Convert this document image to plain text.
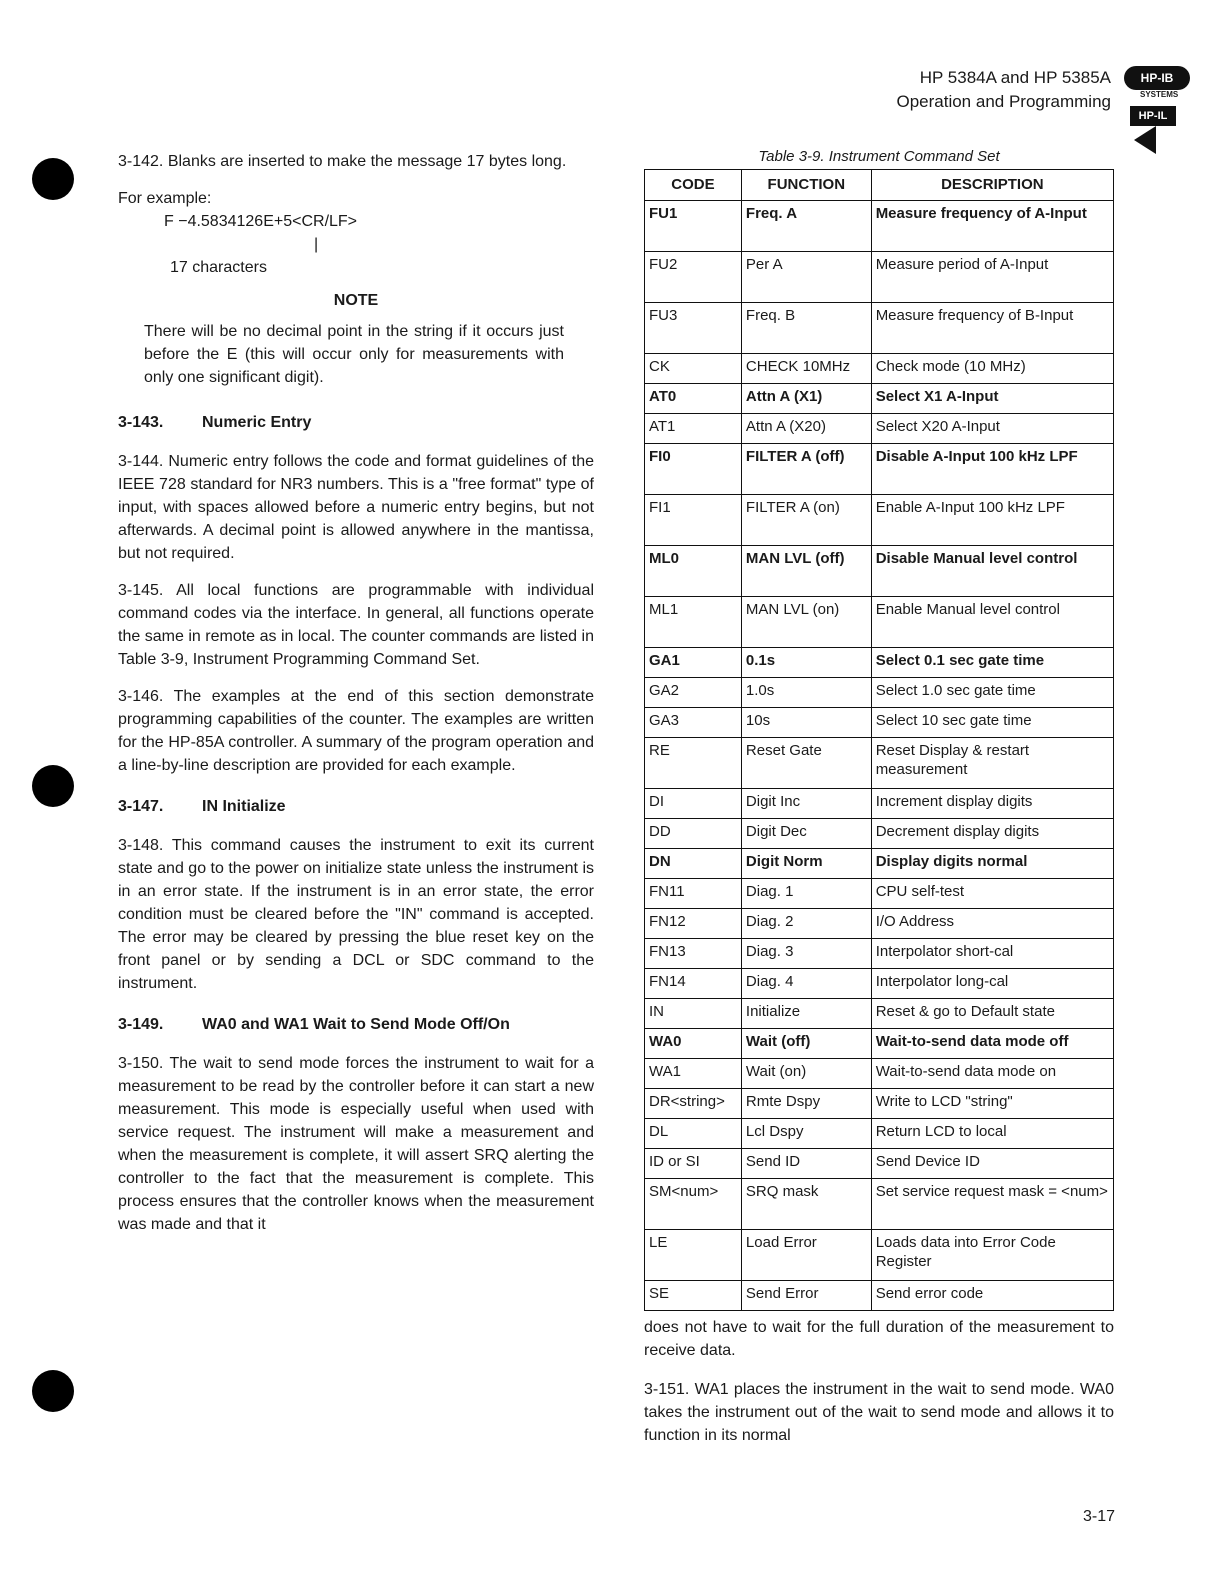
HP 5384A and HP 5385A
Operation and Programming
HP-IB
SYSTEMS
HP-IL

3-142. Blanks are inserted to make the message 17 bytes long.

For example:
F −4.5834126E+5<CR/LF>
|
17 characters
NOTE

There will be no decimal point in the string if it occurs just before the E (this will occur only for measurements with only one significant digit).

3-143. Numeric Entry

3-144. Numeric entry follows the code and format guidelines of the IEEE 728 standard for NR3 numbers. This is a "free format" type of input, with spaces allowed before a numeric entry begins, but not afterwards. A decimal point is allowed anywhere in the mantissa, but not required.

3-145. All local functions are programmable with individual command codes via the interface. In general, all functions operate the same in remote as in local. The counter commands are listed in Table 3-9, Instrument Programming Command Set.

3-146. The examples at the end of this section demonstrate programming capabilities of the counter. The examples are written for the HP-85A controller. A summary of the program operation and a line-by-line description are provided for each example.

3-147. IN Initialize

3-148. This command causes the instrument to exit its current state and go to the power on initialize state unless the instrument is in an error state. If the instrument is in an error state, the error condition must be cleared before the "IN" command is accepted. The error may be cleared by pressing the blue reset key on the front panel or by sending a DCL or SDC command to the instrument.

3-149. WA0 and WA1 Wait to Send Mode Off/On

3-150. The wait to send mode forces the instrument to wait for a measurement to be read by the controller before it can start a new measurement. This mode is especially useful when used with service request. The instrument will make a measurement and when the measurement is complete, it will assert SRQ alerting the controller to the fact that the measurement is complete. This process ensures that the controller knows when the measurement was made and that it

Table 3-9. Instrument Command Set
CODE	FUNCTION	DESCRIPTION
FU1	Freq. A	Measure frequency of A-Input
FU2	Per A	Measure period of A-Input
FU3	Freq. B	Measure frequency of B-Input
CK	CHECK 10MHz	Check mode (10 MHz)
AT0	Attn A (X1)	Select X1 A-Input
AT1	Attn A (X20)	Select X20 A-Input
FI0	FILTER A (off)	Disable A-Input 100 kHz LPF
FI1	FILTER A (on)	Enable A-Input 100 kHz LPF
ML0	MAN LVL (off)	Disable Manual level control
ML1	MAN LVL (on)	Enable Manual level control
GA1	0.1s	Select 0.1 sec gate time
GA2	1.0s	Select 1.0 sec gate time
GA3	10s	Select 10 sec gate time
RE	Reset Gate	Reset Display & restart measurement
DI	Digit Inc	Increment display digits
DD	Digit Dec	Decrement display digits
DN	Digit Norm	Display digits normal
FN11	Diag. 1	CPU self-test
FN12	Diag. 2	I/O Address
FN13	Diag. 3	Interpolator short-cal
FN14	Diag. 4	Interpolator long-cal
IN	Initialize	Reset & go to Default state
WA0	Wait (off)	Wait-to-send data mode off
WA1	Wait (on)	Wait-to-send data mode on
DR<string>	Rmte Dspy	Write to LCD "string"
DL	Lcl Dspy	Return LCD to local
ID or SI	Send ID	Send Device ID
SM<num>	SRQ mask	Set service request mask = <num>
LE	Load Error	Loads data into Error Code Register
SE	Send Error	Send error code

does not have to wait for the full duration of the measurement to receive data.

3-151. WA1 places the instrument in the wait to send mode. WA0 takes the instrument out of the wait to send mode and allows it to function in its normal

3-17
